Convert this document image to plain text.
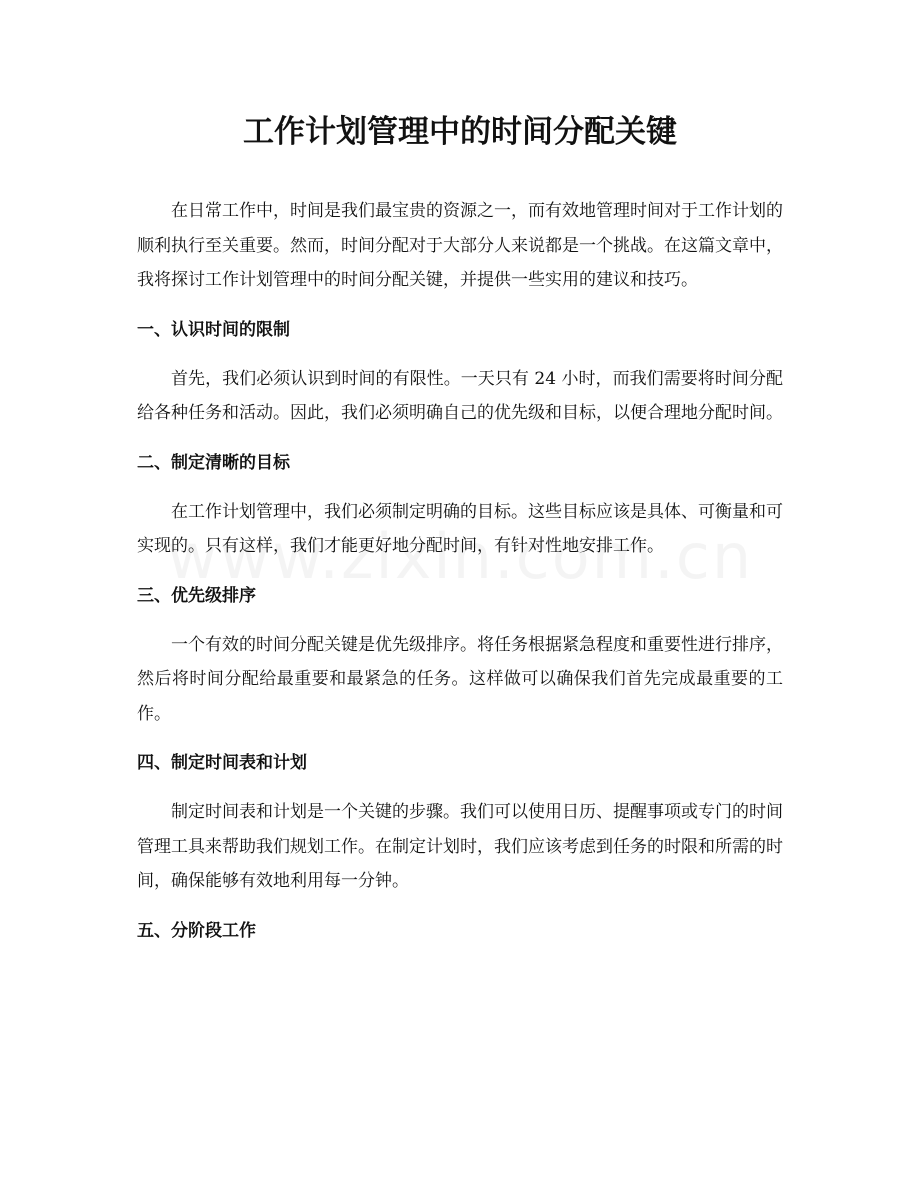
工作计划管理中的时间分配关键

在日常工作中，时间是我们最宝贵的资源之一，而有效地管理时间对于工作计划的顺利执行至关重要。然而，时间分配对于大部分人来说都是一个挑战。在这篇文章中，我将探讨工作计划管理中的时间分配关键，并提供一些实用的建议和技巧。

一、认识时间的限制

首先，我们必须认识到时间的有限性。一天只有 24 小时，而我们需要将时间分配给各种任务和活动。因此，我们必须明确自己的优先级和目标，以便合理地分配时间。

二、制定清晰的目标

在工作计划管理中，我们必须制定明确的目标。这些目标应该是具体、可衡量和可实现的。只有这样，我们才能更好地分配时间，有针对性地安排工作。

三、优先级排序

一个有效的时间分配关键是优先级排序。将任务根据紧急程度和重要性进行排序，然后将时间分配给最重要和最紧急的任务。这样做可以确保我们首先完成最重要的工作。

四、制定时间表和计划

制定时间表和计划是一个关键的步骤。我们可以使用日历、提醒事项或专门的时间管理工具来帮助我们规划工作。在制定计划时，我们应该考虑到任务的时限和所需的时间，确保能够有效地利用每一分钟。

五、分阶段工作
